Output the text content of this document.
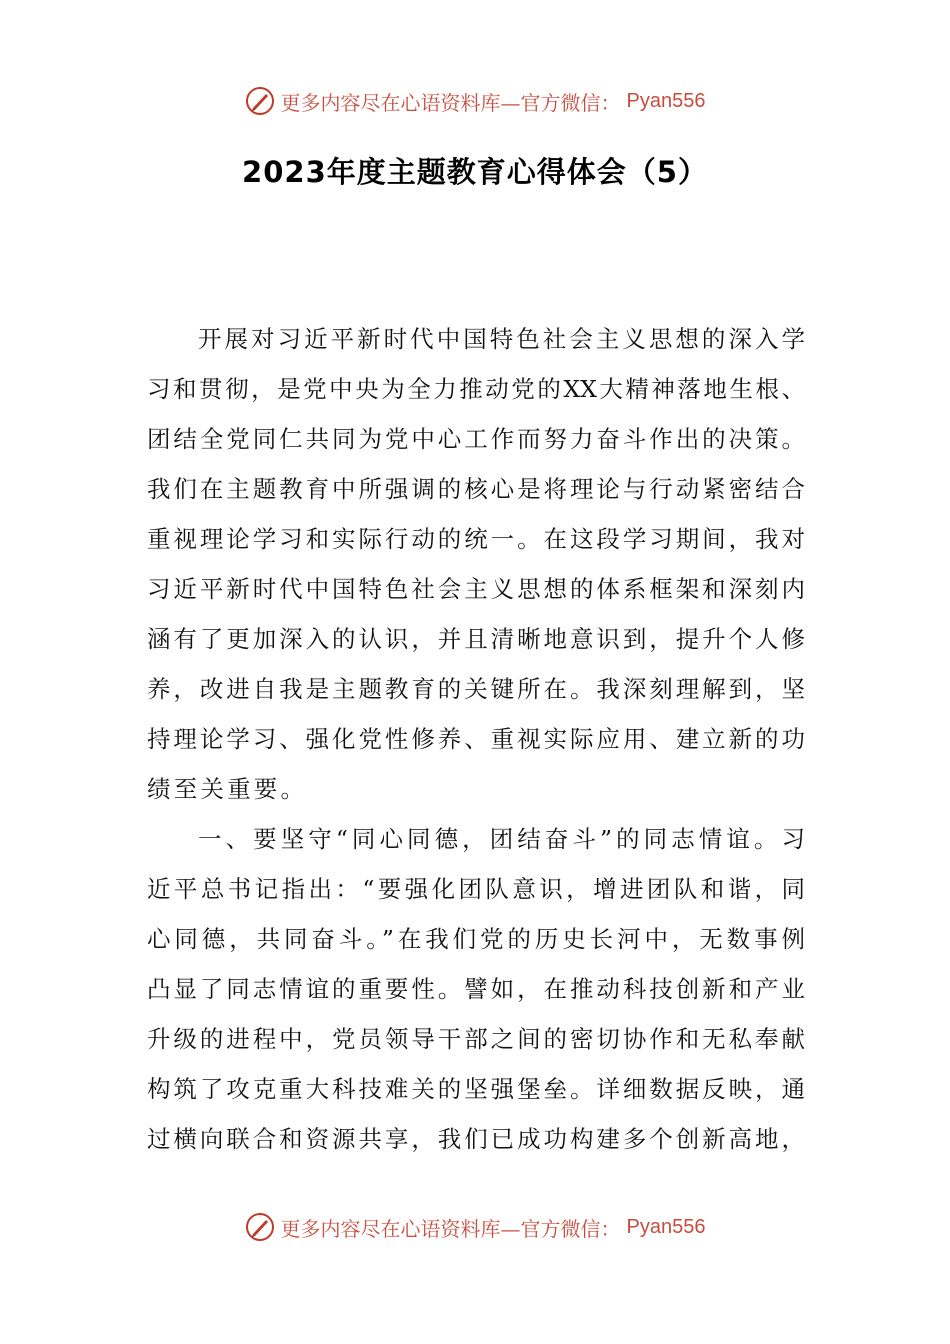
更多内容尽在心语资料库—官方微信： Pyan556
2023年度主题教育心得体会（5）
开展对习近平新时代中国特色社会主义思想的深入学
习和贯彻，是党中央为全力推动党的XX大精神落地生根、
团结全党同仁共同为党中心工作而努力奋斗作出的决策。
我们在主题教育中所强调的核心是将理论与行动紧密结合
重视理论学习和实际行动的统一。在这段学习期间，我对
习近平新时代中国特色社会主义思想的体系框架和深刻内
涵有了更加深入的认识，并且清晰地意识到，提升个人修
养，改进自我是主题教育的关键所在。我深刻理解到，坚
持理论学习、强化党性修养、重视实际应用、建立新的功
绩至关重要。
一、要坚守“同心同德，团结奋斗”的同志情谊。习
近平总书记指出：“要强化团队意识，增进团队和谐，同
心同德，共同奋斗。”在我们党的历史长河中，无数事例
凸显了同志情谊的重要性。譬如，在推动科技创新和产业
升级的进程中，党员领导干部之间的密切协作和无私奉献
构筑了攻克重大科技难关的坚强堡垒。详细数据反映，通
过横向联合和资源共享，我们已成功构建多个创新高地，
更多内容尽在心语资料库—官方微信： Pyan556
